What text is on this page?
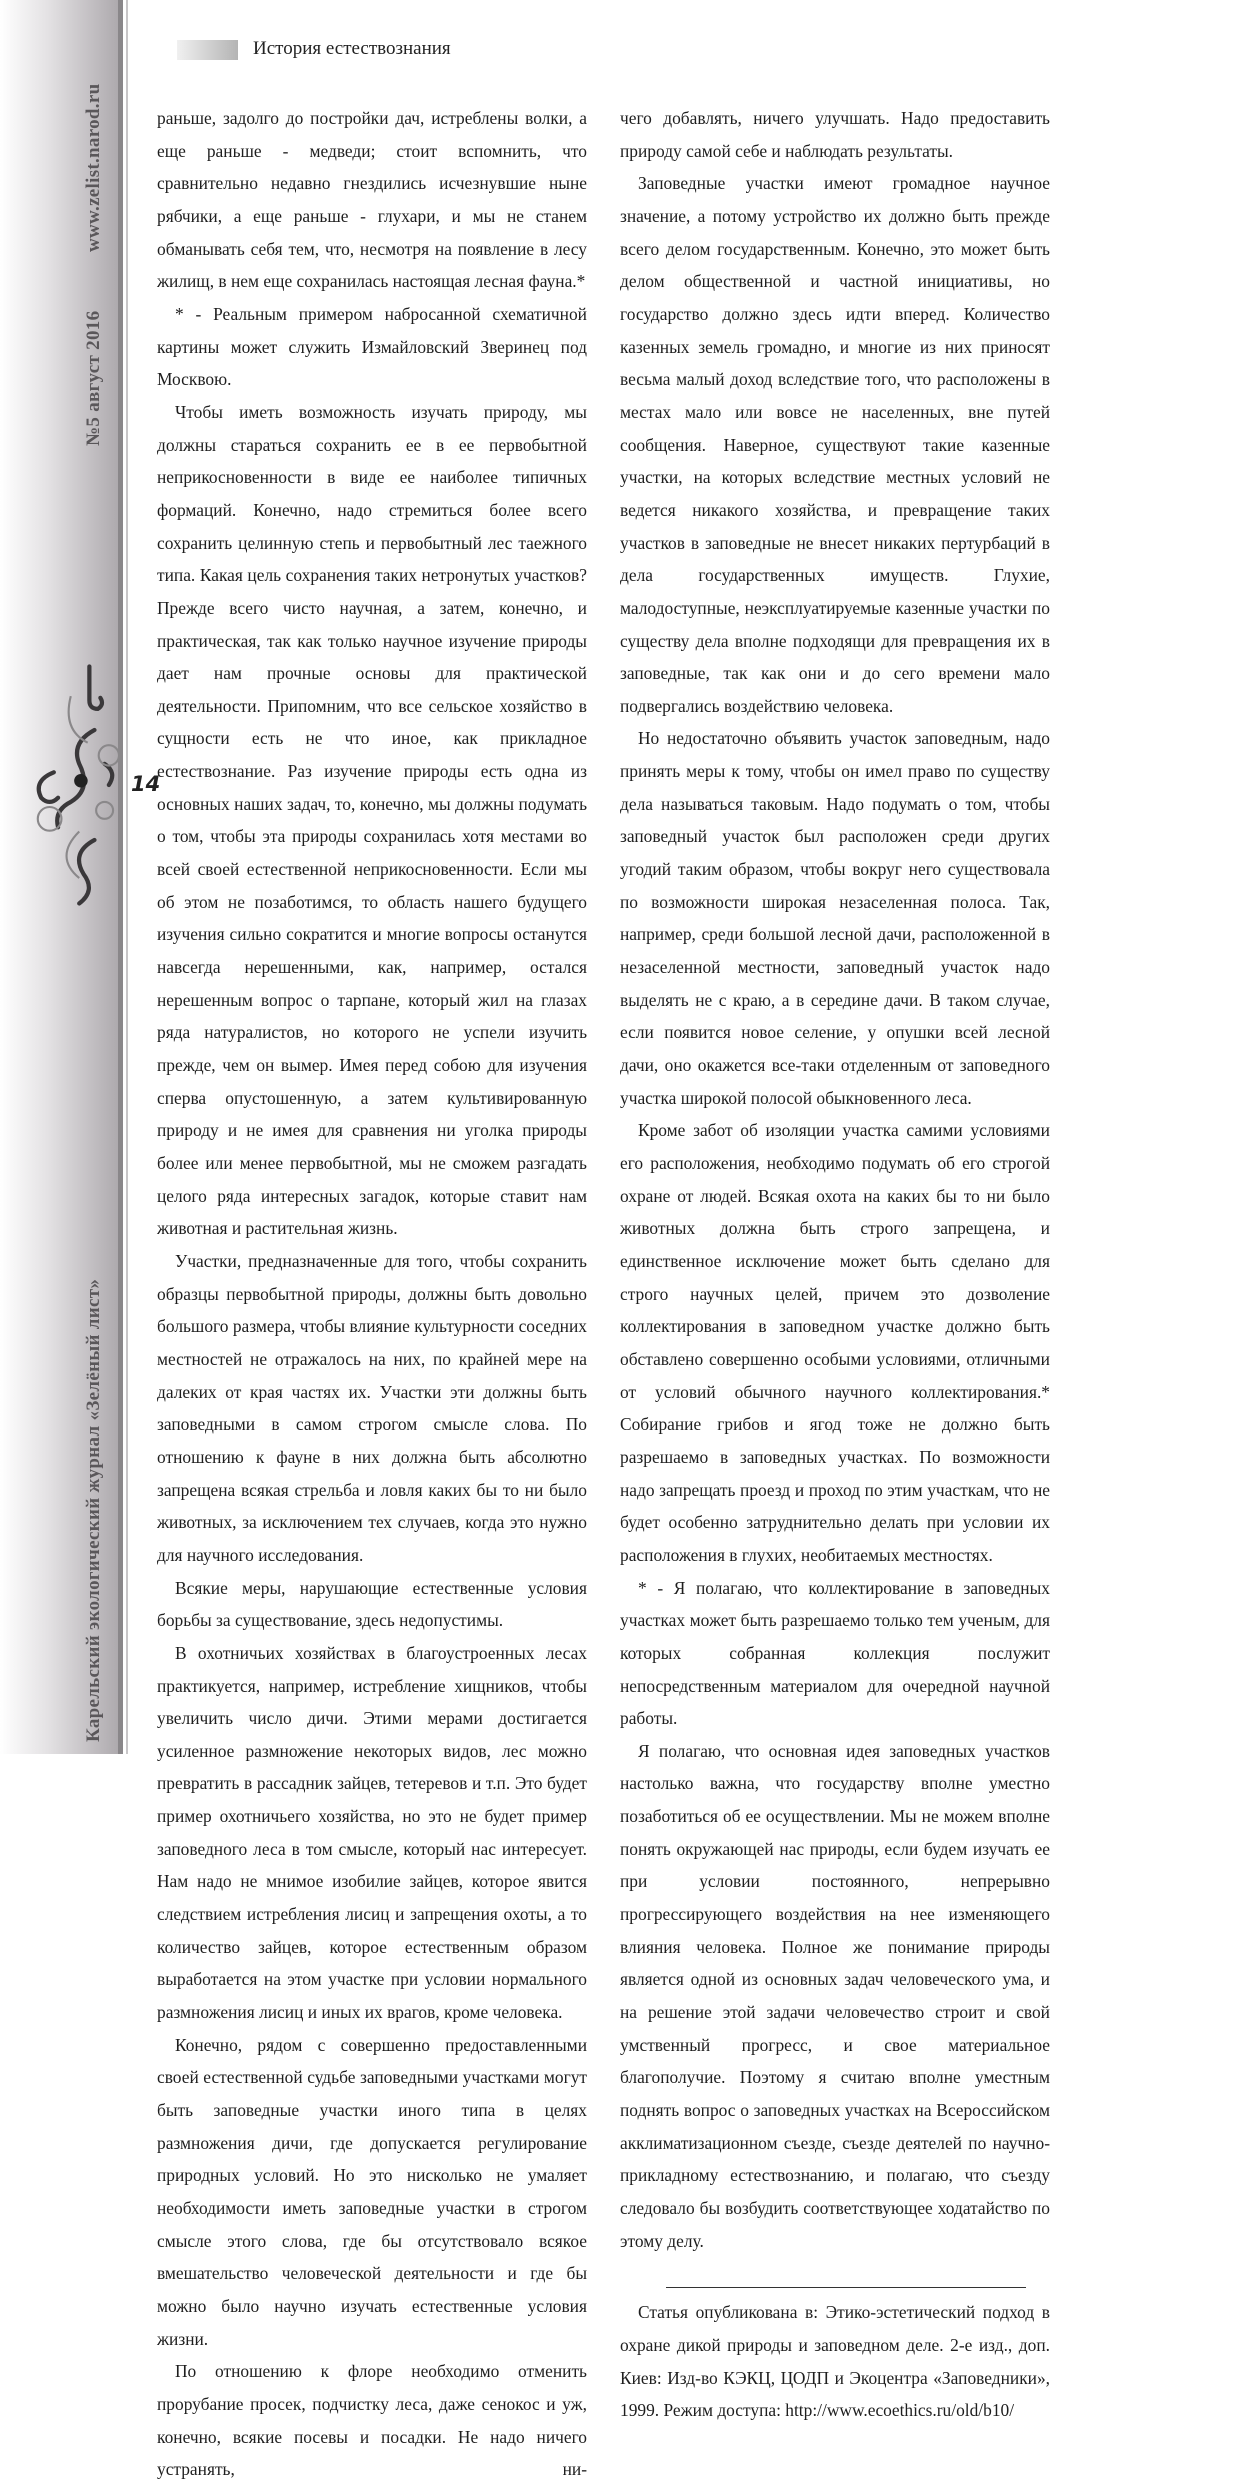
www.zelist.narod.ru
№5 август 2016
Карельский экологический журнал «Зелёный лист»
14
История естествознания

раньше, задолго до постройки дач, истреблены волки, а еще раньше - медведи; стоит вспомнить, что сравнительно недавно гнездились исчезнувшие ныне рябчики, а еще раньше - глухари, и мы не станем обманывать себя тем, что, несмотря на появление в лесу жилищ, в нем еще сохранилась настоящая лесная фауна.*

* - Реальным примером набросанной схематичной картины может служить Измайловский Зверинец под Москвою.

Чтобы иметь возможность изучать природу, мы должны стараться сохранить ее в ее первобытной неприкосновенности в виде ее наиболее типичных формаций. Конечно, надо стремиться более всего сохранить целинную степь и первобытный лес таежного типа. Какая цель сохранения таких нетронутых участков? Прежде всего чисто научная, а затем, конечно, и практическая, так как только научное изучение природы дает нам прочные основы для практической деятельности. Припомним, что все сельское хозяйство в сущности есть не что иное, как прикладное естествознание. Раз изучение природы есть одна из основных наших задач, то, конечно, мы должны подумать о том, чтобы эта природы сохранилась хотя местами во всей своей естественной неприкосновенности. Если мы об этом не позаботимся, то область нашего будущего изучения сильно сократится и многие вопросы останутся навсегда нерешенными, как, например, остался нерешенным вопрос о тарпане, который жил на глазах ряда натуралистов, но которого не успели изучить прежде, чем он вымер. Имея перед собою для изучения сперва опустошенную, а затем культивированную природу и не имея для сравнения ни уголка природы более или менее первобытной, мы не сможем разгадать целого ряда интересных загадок, которые ставит нам животная и растительная жизнь.

Участки, предназначенные для того, чтобы сохранить образцы первобытной природы, должны быть довольно большого размера, чтобы влияние культурности соседних местностей не отражалось на них, по крайней мере на далеких от края частях их. Участки эти должны быть заповедными в самом строгом смысле слова. По отношению к фауне в них должна быть абсолютно запрещена всякая стрельба и ловля каких бы то ни было животных, за исключением тех случаев, когда это нужно для научного исследования.

Всякие меры, нарушающие естественные условия борьбы за существование, здесь недопустимы.

В охотничьих хозяйствах в благоустроенных лесах практикуется, например, истребление хищников, чтобы увеличить число дичи. Этими мерами достигается усиленное размножение некоторых видов, лес можно превратить в рассадник зайцев, тетеревов и т.п. Это будет пример охотничьего хозяйства, но это не будет пример заповедного леса в том смысле, который нас интересует. Нам надо не мнимое изобилие зайцев, которое явится следствием истребления лисиц и запрещения охоты, а то количество зайцев, которое естественным образом выработается на этом участке при условии нормального размножения лисиц и иных их врагов, кроме человека.

Конечно, рядом с совершенно предоставленными своей естественной судьбе заповедными участками могут быть заповедные участки иного типа в целях размножения дичи, где допускается регулирование природных условий. Но это нисколько не умаляет необходимости иметь заповедные участки в строгом смысле этого слова, где бы отсутствовало всякое вмешательство человеческой деятельности и где бы можно было научно изучать естественные условия жизни.

По отношению к флоре необходимо отменить прорубание просек, подчистку леса, даже сенокос и уж, конечно, всякие посевы и посадки. Не надо ничего устранять, ни-

чего добавлять, ничего улучшать. Надо предоставить природу самой себе и наблюдать результаты.

Заповедные участки имеют громадное научное значение, а потому устройство их должно быть прежде всего делом государственным. Конечно, это может быть делом общественной и частной инициативы, но государство должно здесь идти вперед. Количество казенных земель громадно, и многие из них приносят весьма малый доход вследствие того, что расположены в местах мало или вовсе не населенных, вне путей сообщения. Наверное, существуют такие казенные участки, на которых вследствие местных условий не ведется никакого хозяйства, и превращение таких участков в заповедные не внесет никаких пертурбаций в дела государственных имуществ. Глухие, малодоступные, неэксплуатируемые казенные участки по существу дела вполне подходящи для превращения их в заповедные, так как они и до сего времени мало подвергались воздействию человека.

Но недостаточно объявить участок заповедным, надо принять меры к тому, чтобы он имел право по существу дела называться таковым. Надо подумать о том, чтобы заповедный участок был расположен среди других угодий таким образом, чтобы вокруг него существовала по возможности широкая незаселенная полоса. Так, например, среди большой лесной дачи, расположенной в незаселенной местности, заповедный участок надо выделять не с краю, а в середине дачи. В таком случае, если появится новое селение, у опушки всей лесной дачи, оно окажется все-таки отделенным от заповедного участка широкой полосой обыкновенного леса.

Кроме забот об изоляции участка самими условиями его расположения, необходимо подумать об его строгой охране от людей. Всякая охота на каких бы то ни было животных должна быть строго запрещена, и единственное исключение может быть сделано для строго научных целей, причем это дозволение коллектирования в заповедном участке должно быть обставлено совершенно особыми условиями, отличными от условий обычного научного коллектирования.* Собирание грибов и ягод тоже не должно быть разрешаемо в заповедных участках. По возможности надо запрещать проезд и проход по этим участкам, что не будет особенно затруднительно делать при условии их расположения в глухих, необитаемых местностях.

* - Я полагаю, что коллектирование в заповедных участках может быть разрешаемо только тем ученым, для которых собранная коллекция послужит непосредственным материалом для очередной научной работы.

Я полагаю, что основная идея заповедных участков настолько важна, что государству вполне уместно позаботиться об ее осуществлении. Мы не можем вполне понять окружающей нас природы, если будем изучать ее при условии постоянного, непрерывно прогрессирующего воздействия на нее изменяющего влияния человека. Полное же понимание природы является одной из основных задач человеческого ума, и на решение этой задачи человечество строит и свой умственный прогресс, и свое материальное благополучие. Поэтому я считаю вполне уместным поднять вопрос о заповедных участках на Всероссийском акклиматизационном съезде, съезде деятелей по научно-прикладному естествознанию, и полагаю, что съезду следовало бы возбудить соответствующее ходатайство по этому делу.

Статья опубликована в: Этико-эстетический подход в охране дикой природы и заповедном деле. 2-е изд., доп. Киев: Изд-во КЭКЦ, ЦОДП и Экоцентра «Заповедники», 1999. Режим доступа: http://www.ecoethics.ru/old/b10/
